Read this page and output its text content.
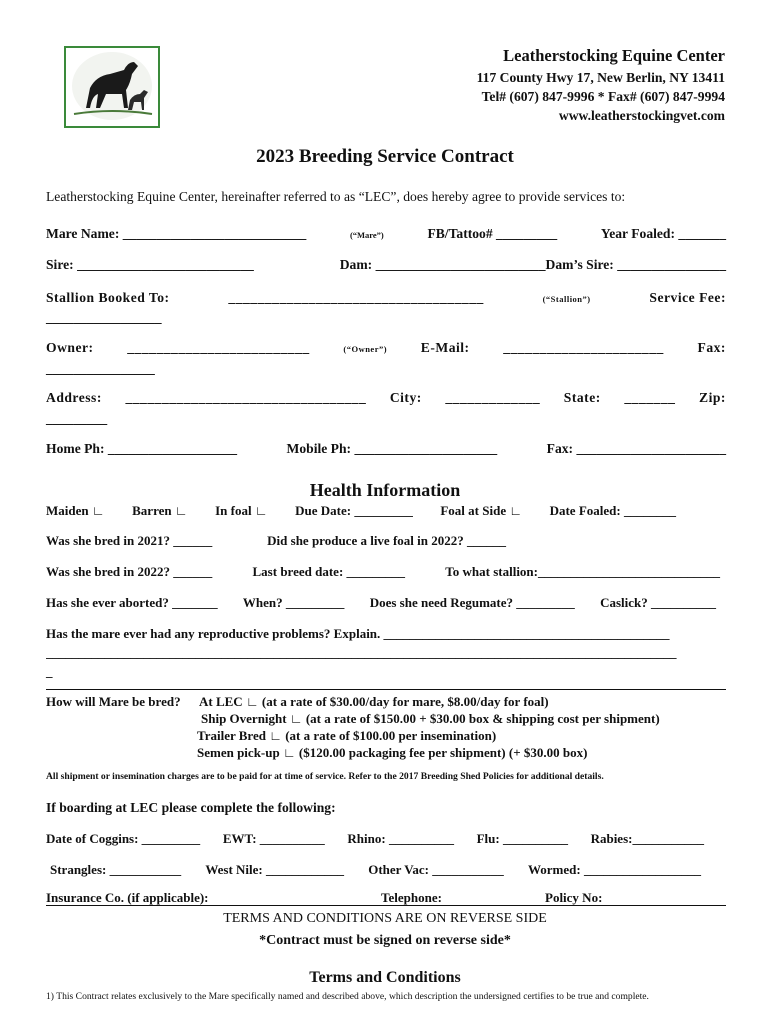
Leatherstocking Equine Center
117 County Hwy 17, New Berlin, NY 13411
Tel# (607) 847-9996 * Fax# (607) 847-9994
www.leatherstockingvet.com
2023 Breeding Service Contract
Leatherstocking Equine Center, hereinafter referred to as “LEC”, does hereby agree to provide services to:
Mare Name: ___________________________	(“Mare”)	FB/Tattoo# _________	Year Foaled: _______
Sire: __________________________	Dam: _________________________Dam’s Sire: ________________
Stallion Booked To:	___________________________________	(“Stallion”)	Service Fee:
_________________
Owner: _________________________	(“Owner”) E-Mail: ______________________ Fax:
________________
Address: _________________________________ City: _____________ State: _______ Zip:
_________
Home Ph: ___________________	Mobile Ph: _____________________	Fax: ______________________
Health Information
Maiden ∟ Barren ∟ In foal ∟ Due Date: _________ Foal at Side ∟ Date Foaled: ________
Was she bred in 2021? ______	Did she produce a live foal in 2022? ______
Was she bred in 2022? ______	Last breed date: _________	To what stallion:____________________________
Has she ever aborted? _______ When? _________ Does she need Regumate? _________ Caslick? __________
Has the mare ever had any reproductive problems? Explain. ____________________________________________
_________________________________________________________________________________________________
_
How will Mare be bred? At LEC ∟ (at a rate of $30.00/day for mare, $8.00/day for foal)
Ship Overnight ∟ (at a rate of $150.00 + $30.00 box & shipping cost per shipment)
Trailer Bred ∟ (at a rate of $100.00 per insemination)
Semen pick-up ∟ ($120.00 packaging fee per shipment) (+ $30.00 box)
All shipment or insemination charges are to be paid for at time of service. Refer to the 2017 Breeding Shed Policies for additional details.
If boarding at LEC please complete the following:
Date of Coggins: _________ EWT: __________ Rhino: __________ Flu: __________ Rabies:___________
Strangles: ___________ West Nile: ____________ Other Vac: ___________ Wormed: __________________
Insurance Co. (if applicable):	Telephone:	Policy No:
TERMS AND CONDITIONS ARE ON REVERSE SIDE
*Contract must be signed on reverse side*
Terms and Conditions
1) This Contract relates exclusively to the Mare specifically named and described above, which description the undersigned certifies to be true and complete.
